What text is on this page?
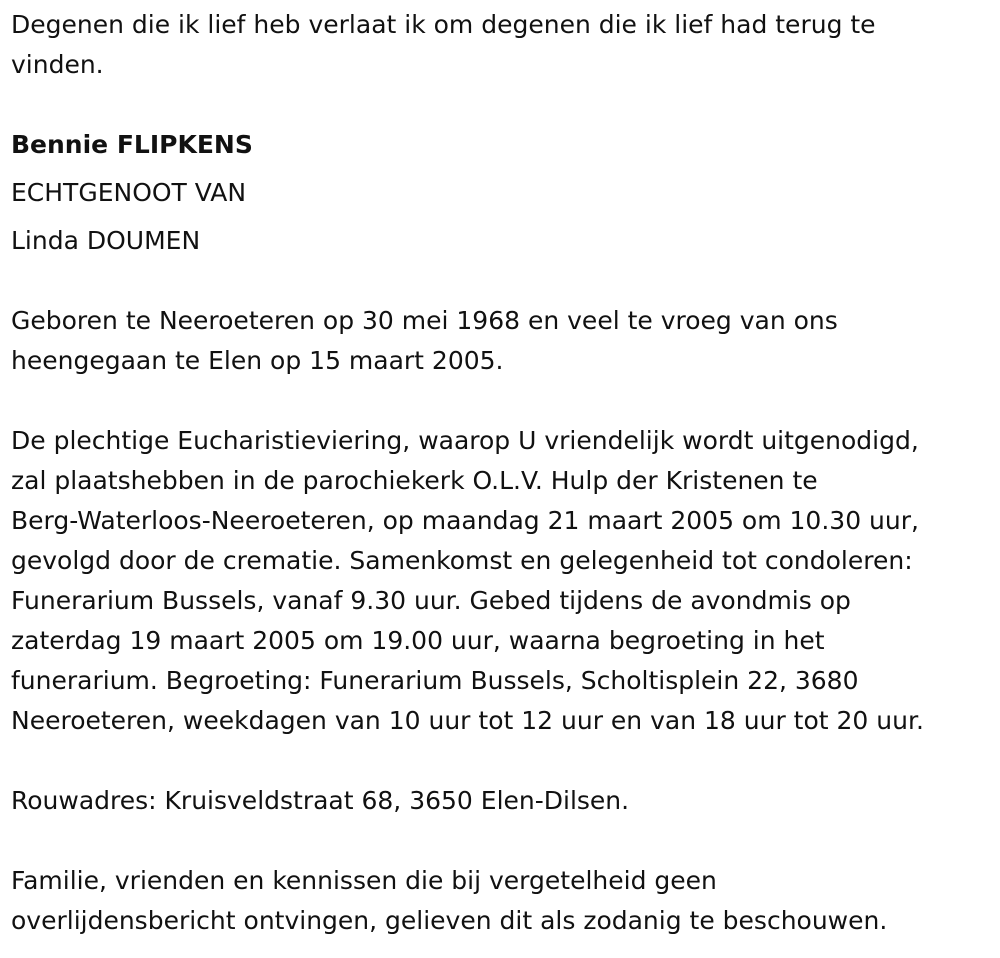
Degenen die ik lief heb verlaat ik om degenen die ik lief had terug te
vinden.

Bennie FLIPKENS

ECHTGENOOT VAN

Linda DOUMEN

Geboren te Neeroeteren op 30 mei 1968 en veel te vroeg van ons
heengegaan te Elen op 15 maart 2005.

De plechtige Eucharistieviering, waarop U vriendelijk wordt uitgenodigd,
zal plaatshebben in de parochiekerk O.L.V. Hulp der Kristenen te
Berg-Waterloos-Neeroeteren, op maandag 21 maart 2005 om 10.30 uur,
gevolgd door de crematie. Samenkomst en gelegenheid tot condoleren:
Funerarium Bussels, vanaf 9.30 uur. Gebed tijdens de avondmis op
zaterdag 19 maart 2005 om 19.00 uur, waarna begroeting in het
funerarium. Begroeting: Funerarium Bussels, Scholtisplein 22, 3680
Neeroeteren, weekdagen van 10 uur tot 12 uur en van 18 uur tot 20 uur.

Rouwadres: Kruisveldstraat 68, 3650 Elen-Dilsen.

Familie, vrienden en kennissen die bij vergetelheid geen
overlijdensbericht ontvingen, gelieven dit als zodanig te beschouwen.
